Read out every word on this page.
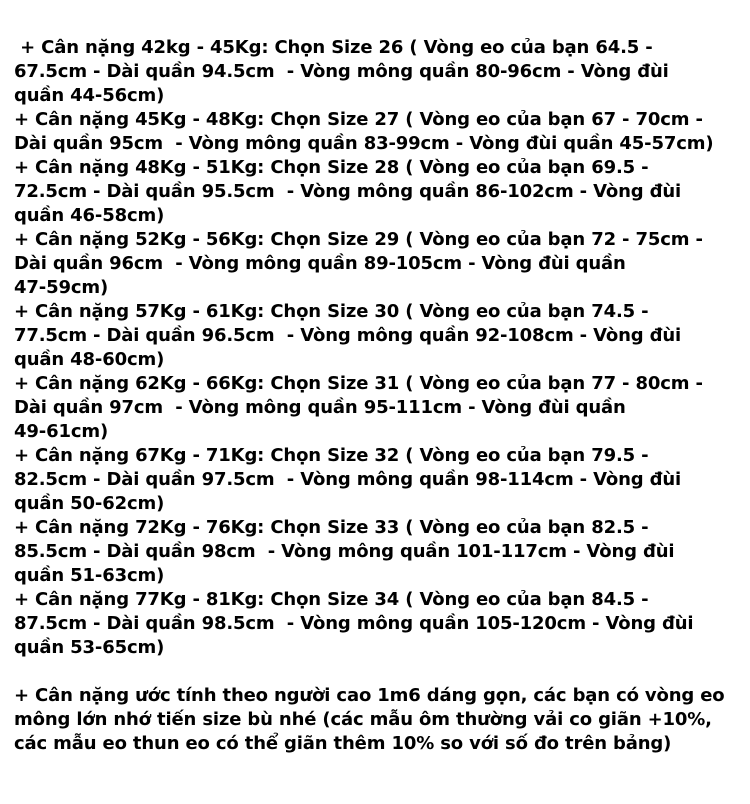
+ Cân nặng 42kg - 45Kg: Chọn Size 26 ( Vòng eo của bạn 64.5 -
67.5cm - Dài quần 94.5cm  - Vòng mông quần 80-96cm - Vòng đùi
quần 44-56cm)
+ Cân nặng 45Kg - 48Kg: Chọn Size 27 ( Vòng eo của bạn 67 - 70cm -
Dài quần 95cm  - Vòng mông quần 83-99cm - Vòng đùi quần 45-57cm)
+ Cân nặng 48Kg - 51Kg: Chọn Size 28 ( Vòng eo của bạn 69.5 -
72.5cm - Dài quần 95.5cm  - Vòng mông quần 86-102cm - Vòng đùi
quần 46-58cm)
+ Cân nặng 52Kg - 56Kg: Chọn Size 29 ( Vòng eo của bạn 72 - 75cm -
Dài quần 96cm  - Vòng mông quần 89-105cm - Vòng đùi quần
47-59cm)
+ Cân nặng 57Kg - 61Kg: Chọn Size 30 ( Vòng eo của bạn 74.5 -
77.5cm - Dài quần 96.5cm  - Vòng mông quần 92-108cm - Vòng đùi
quần 48-60cm)
+ Cân nặng 62Kg - 66Kg: Chọn Size 31 ( Vòng eo của bạn 77 - 80cm -
Dài quần 97cm  - Vòng mông quần 95-111cm - Vòng đùi quần
49-61cm)
+ Cân nặng 67Kg - 71Kg: Chọn Size 32 ( Vòng eo của bạn 79.5 -
82.5cm - Dài quần 97.5cm  - Vòng mông quần 98-114cm - Vòng đùi
quần 50-62cm)
+ Cân nặng 72Kg - 76Kg: Chọn Size 33 ( Vòng eo của bạn 82.5 -
85.5cm - Dài quần 98cm  - Vòng mông quần 101-117cm - Vòng đùi
quần 51-63cm)
+ Cân nặng 77Kg - 81Kg: Chọn Size 34 ( Vòng eo của bạn 84.5 -
87.5cm - Dài quần 98.5cm  - Vòng mông quần 105-120cm - Vòng đùi
quần 53-65cm)
+ Cân nặng ước tính theo người cao 1m6 dáng gọn, các bạn có vòng eo
mông lớn nhớ tiến size bù nhé (các mẫu ôm thường vải co giãn +10%,
các mẫu eo thun eo có thể giãn thêm 10% so với số đo trên bảng)
